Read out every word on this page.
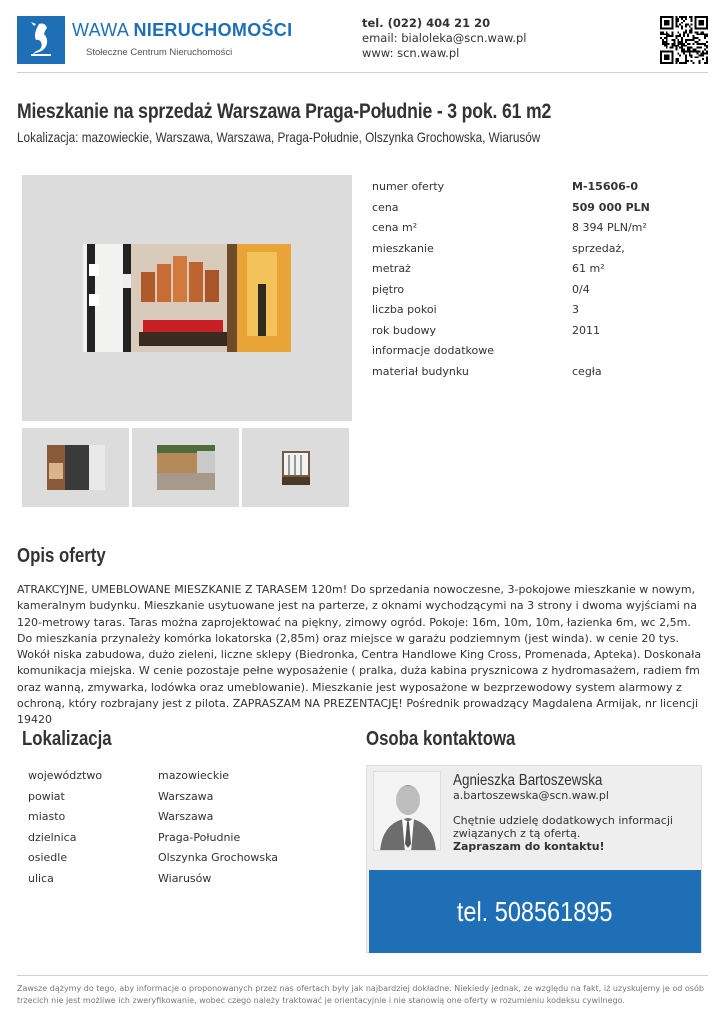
WAWA NIERUCHOMOŚCI
Stołeczne Centrum Nieruchomości
tel. (022) 404 21 20
email: bialoleka@scn.waw.pl
www: scn.waw.pl
Mieszkanie na sprzedaż Warszawa Praga-Południe - 3 pok. 61 m2
Lokalizacja: mazowieckie, Warszawa, Warszawa, Praga-Południe, Olszynka Grochowska, Wiarusów
numer oferty	M-15606-0
cena	509 000 PLN
cena m²	8 394 PLN/m²
mieszkanie	sprzedaż,
metraż	61 m²
piętro	0/4
liczba pokoi	3
rok budowy	2011
informacje dodatkowe
materiał budynku	cegła
Opis oferty

ATRAKCYJNE, UMEBLOWANE MIESZKANIE Z TARASEM 120m! Do sprzedania nowoczesne, 3-pokojowe mieszkanie w nowym, kameralnym budynku. Mieszkanie usytuowane jest na parterze, z oknami wychodzącymi na 3 strony i dwoma wyjściami na 120-metrowy taras. Taras można zaprojektować na piękny, zimowy ogród. Pokoje: 16m, 10m, 10m, łazienka 6m, wc 2,5m. Do mieszkania przynależy komórka lokatorska (2,85m) oraz miejsce w garażu podziemnym (jest winda). w cenie 20 tys. Wokół niska zabudowa, dużo zieleni, liczne sklepy (Biedronka, Centra Handlowe King Cross, Promenada, Apteka). Doskonała komunikacja miejska. W cenie pozostaje pełne wyposażenie ( pralka, duża kabina prysznicowa z hydromasażem, radiem fm oraz wanną, zmywarka, lodówka oraz umeblowanie). Mieszkanie jest wyposażone w bezprzewodowy system alarmowy z ochroną, który rozbrajany jest z pilota. ZAPRASZAM NA PREZENTACJĘ! Pośrednik prowadzący Magdalena Armijak, nr licencji 19420

Lokalizacja
województwo	mazowieckie
powiat	Warszawa
miasto	Warszawa
dzielnica	Praga-Południe
osiedle	Olszynka Grochowska
ulica	Wiarusów
Osoba kontaktowa
Agnieszka Bartoszewska
a.bartoszewska@scn.waw.pl
Chętnie udzielę dodatkowych informacji związanych z tą ofertą.
Zapraszam do kontaktu!
tel. 508561895

Zawsze dążymy do tego, aby informacje o proponowanych przez nas ofertach były jak najbardziej dokładne. Niekiedy jednak, ze względu na fakt, iż uzyskujemy je od osób trzecich nie jest możliwe ich zweryfikowanie, wobec czego należy traktować je orientacyjnie i nie stanowią one oferty w rozumieniu kodeksu cywilnego.
